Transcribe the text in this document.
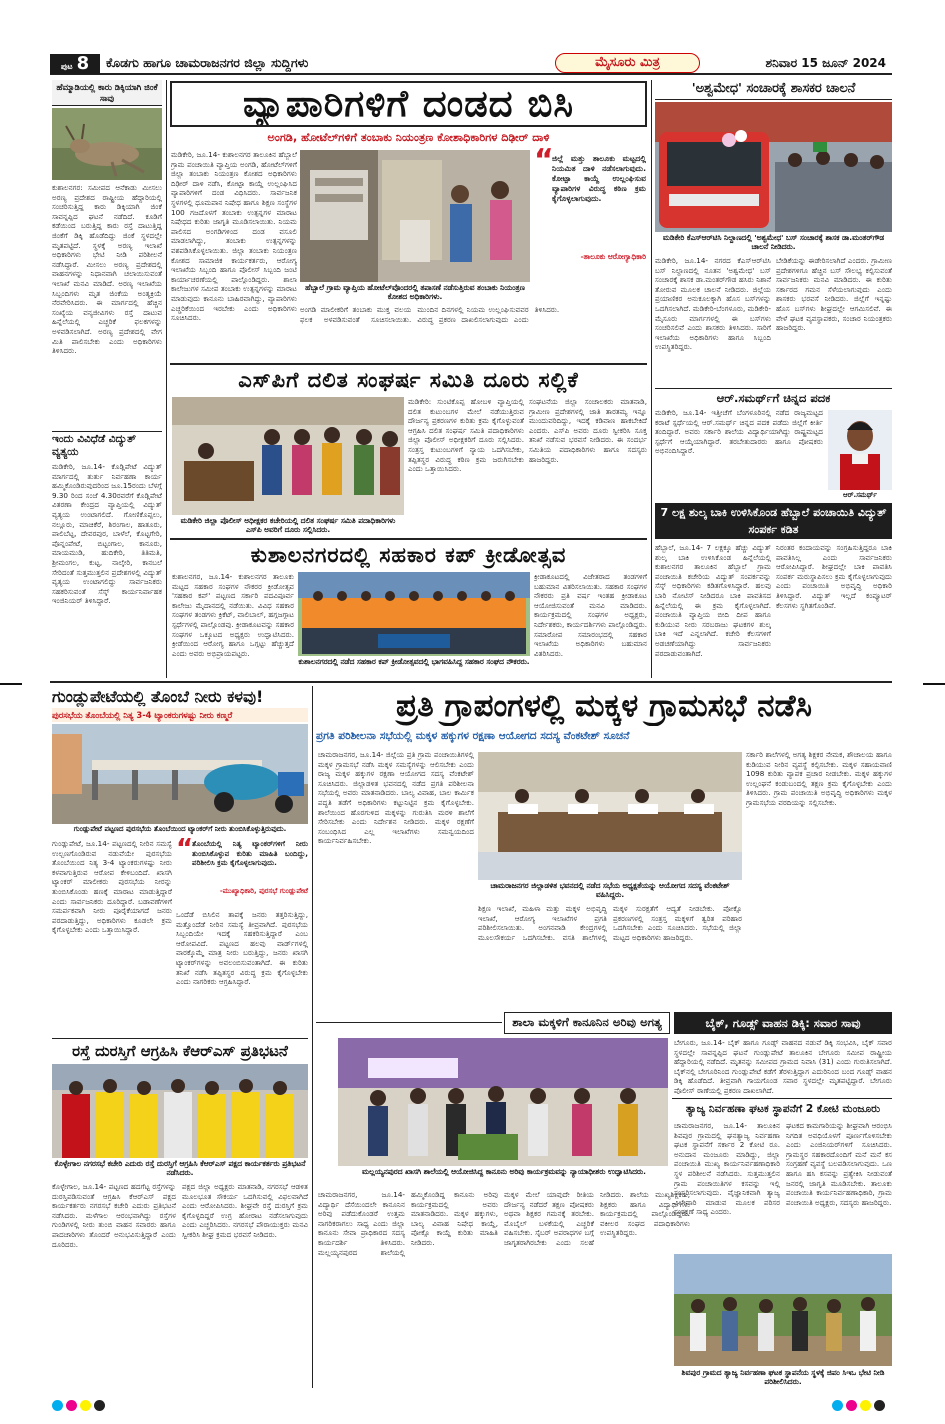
ಪುಟ 8	ಕೊಡಗು ಹಾಗೂ ಚಾಮರಾಜನಗರ ಜಿಲ್ಲಾ ಸುದ್ದಿಗಳು	ಮೈಸೂರು ಮಿತ್ರ	ಶನಿವಾರ 15 ಜೂನ್ 2024
ಹೆಮ್ಮಾಡಿಯಲ್ಲಿ ಕಾರು ಡಿಕ್ಕಿಯಾಗಿ ಜಿಂಕೆ ಸಾವು
ಕುಶಾಲನಗರ: ಸಮೀಪದ ಆನೆಕಾಡು ಮೀಸಲು ಅರಣ್ಯ ಪ್ರದೇಶದ ರಾಷ್ಟ್ರೀಯ ಹೆದ್ದಾರಿಯಲ್ಲಿ ಸಂಚರಿಸುತ್ತಿದ್ದ ಕಾರು ಡಿಕ್ಕಿಯಾಗಿ ಜಿಂಕೆ ಸಾವನ್ನಪ್ಪಿದ ಘಟನೆ ನಡೆದಿದೆ. ಕೂಡಿಗೆ ಕಡೆಯಿಂದ ಬರುತ್ತಿದ್ದ ಕಾರು ರಸ್ತೆ ದಾಟುತ್ತಿದ್ದ ಜಿಂಕೆಗೆ ಡಿಕ್ಕಿ ಹೊಡೆದಿದ್ದು ಜಿಂಕೆ ಸ್ಥಳದಲ್ಲೇ ಮೃತಪಟ್ಟಿದೆ. ಸ್ಥಳಕ್ಕೆ ಅರಣ್ಯ ಇಲಾಖೆ ಅಧಿಕಾರಿಗಳು ಭೇಟಿ ನೀಡಿ ಪರಿಶೀಲನೆ ನಡೆಸಿದ್ದಾರೆ. ಮೀಸಲು ಅರಣ್ಯ ಪ್ರದೇಶದಲ್ಲಿ ವಾಹನಗಳನ್ನು ನಿಧಾನವಾಗಿ ಚಲಾಯಿಸುವಂತೆ ಇಲಾಖೆ ಮನವಿ ಮಾಡಿದೆ. ಅರಣ್ಯ ಇಲಾಖೆಯ ಸಿಬ್ಬಂದಿಗಳು ಮೃತ ಜಿಂಕೆಯ ಅಂತ್ಯಕ್ರಿಯೆ ನೆರವೇರಿಸಿದರು. ಈ ಮಾರ್ಗದಲ್ಲಿ ಹೆಚ್ಚಿನ ಸಂಖ್ಯೆಯ ವನ್ಯಜೀವಿಗಳು ರಸ್ತೆ ದಾಟುವ ಹಿನ್ನೆಲೆಯಲ್ಲಿ ಎಚ್ಚರಿಕೆ ಫಲಕಗಳನ್ನು ಅಳವಡಿಸಲಾಗಿದೆ. ಅರಣ್ಯ ಪ್ರದೇಶದಲ್ಲಿ ವೇಗ ಮಿತಿ ಪಾಲಿಸಬೇಕು ಎಂದು ಅಧಿಕಾರಿಗಳು ತಿಳಿಸಿದರು.
ಇಂದು ವಿವಿಧೆಡೆ ವಿದ್ಯುತ್ ವ್ಯತ್ಯಯ
ಮಡಿಕೇರಿ, ಜೂ.14- ಕೊಡ್ಲಿಪೇಟೆ ವಿದ್ಯುತ್ ಮಾರ್ಗದಲ್ಲಿ ತುರ್ತು ನಿರ್ವಹಣಾ ಕಾರ್ಯ ಹಮ್ಮಿಕೊಂಡಿರುವುದರಿಂದ ಜೂ.15ರಂದು ಬೆಳಗ್ಗೆ 9.30 ರಿಂದ ಸಂಜೆ 4.30ರವರೆಗೆ ಕೊಡ್ಲಿಪೇಟೆ ವಿತರಣಾ ಕೇಂದ್ರದ ವ್ಯಾಪ್ತಿಯಲ್ಲಿ ವಿದ್ಯುತ್ ವ್ಯತ್ಯಯ ಉಂಟಾಗಲಿದೆ. ಗೋಣಿಕೊಪ್ಪಲು, ನಲ್ಲೂರು, ಮಾಚಿಕೆರೆ, ಶಿರಂಗಾಲ, ಹಾತೂರು, ಪಾಲಿಬೆಟ್ಟ, ದೇವರಪುರ, ಬಾಳೆಲೆ, ಕೊಟ್ಟಗೇರಿ, ಪೊನ್ನಂಪೇಟೆ, ಬಿಟ್ಟಂಗಾಲ, ಕಾನೂರು, ಮಾಯಮುಡಿ, ಹುದಿಕೇರಿ, ತಿತಿಮತಿ, ಶ್ರೀಮಂಗಲ, ಕುಟ್ಟ, ನಾಲ್ಕೇರಿ, ಕಾನಬಲೆ ಸೇರಿದಂತೆ ಸುತ್ತಮುತ್ತಲಿನ ಪ್ರದೇಶಗಳಲ್ಲಿ ವಿದ್ಯುತ್ ವ್ಯತ್ಯಯ ಉಂಟಾಗಲಿದ್ದು ಸಾರ್ವಜನಿಕರು ಸಹಕರಿಸುವಂತೆ ಸೆಸ್ಕ್ ಕಾರ್ಯನಿರ್ವಾಹಕ ಇಂಜಿನಿಯರ್ ತಿಳಿಸಿದ್ದಾರೆ.
ವ್ಯಾಪಾರಿಗಳಿಗೆ ದಂಡದ ಬಿಸಿ
ಅಂಗಡಿ, ಹೋಟೆಲ್‌ಗಳಿಗೆ ತಂಬಾಕು ನಿಯಂತ್ರಣ ಕೋಶಾಧಿಕಾರಿಗಳ ದಿಢೀರ್ ದಾಳಿ
ಮಡಿಕೇರಿ, ಜೂ.14- ಕುಶಾಲನಗರ ತಾಲೂಕಿನ ಹೆಬ್ಬಾಲೆ ಗ್ರಾಮ ಪಂಚಾಯಿತಿ ವ್ಯಾಪ್ತಿಯ ಅಂಗಡಿ, ಹೋಟೆಲ್‌ಗಳಿಗೆ ಜಿಲ್ಲಾ ತಂಬಾಕು ನಿಯಂತ್ರಣ ಕೋಶದ ಅಧಿಕಾರಿಗಳು ದಿಢೀರ್ ದಾಳಿ ನಡೆಸಿ, ಕೋಟ್ಪಾ ಕಾಯ್ದೆ ಉಲ್ಲಂಘಿಸಿದ ವ್ಯಾಪಾರಿಗಳಿಗೆ ದಂಡ ವಿಧಿಸಿದರು. ಸಾರ್ವಜನಿಕ ಸ್ಥಳಗಳಲ್ಲಿ ಧೂಮಪಾನ ನಿಷೇಧ ಹಾಗೂ ಶಿಕ್ಷಣ ಸಂಸ್ಥೆಗಳ 100 ಗಜದೊಳಗೆ ತಂಬಾಕು ಉತ್ಪನ್ನಗಳ ಮಾರಾಟ ನಿಷೇಧದ ಕುರಿತು ಜಾಗೃತಿ ಮೂಡಿಸಲಾಯಿತು. ನಿಯಮ ಪಾಲಿಸದ ಅಂಗಡಿಗಳಿಂದ ದಂಡ ವಸೂಲಿ ಮಾಡಲಾಗಿದ್ದು, ತಂಬಾಕು ಉತ್ಪನ್ನಗಳನ್ನು ವಶಪಡಿಸಿಕೊಳ್ಳಲಾಯಿತು. ಜಿಲ್ಲಾ ತಂಬಾಕು ನಿಯಂತ್ರಣ ಕೋಶದ ಸಾಮಾಜಿಕ ಕಾರ್ಯಕರ್ತರು, ಆರೋಗ್ಯ ಇಲಾಖೆಯ ಸಿಬ್ಬಂದಿ ಹಾಗೂ ಪೊಲೀಸ್ ಸಿಬ್ಬಂದಿ ಜಂಟಿ ಕಾರ್ಯಾಚರಣೆಯಲ್ಲಿ ಪಾಲ್ಗೊಂಡಿದ್ದರು. ಶಾಲಾ ಕಾಲೇಜುಗಳ ಸಮೀಪ ತಂಬಾಕು ಉತ್ಪನ್ನಗಳನ್ನು ಮಾರಾಟ ಮಾಡುವುದು ಕಾನೂನು ಬಾಹಿರವಾಗಿದ್ದು, ವ್ಯಾಪಾರಿಗಳು ಎಚ್ಚರಿಕೆಯಿಂದ ಇರಬೇಕು ಎಂದು ಅಧಿಕಾರಿಗಳು ಸೂಚಿಸಿದರು.
ಹೆಬ್ಬಾಲೆ ಗ್ರಾಮ ವ್ಯಾಪ್ತಿಯ ಹೋಟೆಲ್‌ವೊಂದರಲ್ಲಿ ತಪಾಸಣೆ ನಡೆಸುತ್ತಿರುವ ತಂಬಾಕು ನಿಯಂತ್ರಣ ಕೋಶದ ಅಧಿಕಾರಿಗಳು.
“
ಜಿಲ್ಲೆ ಮತ್ತು ತಾಲೂಕು ಮಟ್ಟದಲ್ಲಿ ನಿಯಮಿತ ದಾಳಿ ನಡೆಸಲಾಗುವುದು. ಕೋಟ್ಪಾ ಕಾಯ್ದೆ ಉಲ್ಲಂಘಿಸುವ ವ್ಯಾಪಾರಿಗಳ ವಿರುದ್ಧ ಕಠಿಣ ಕ್ರಮ ಕೈಗೊಳ್ಳಲಾಗುವುದು.
-ತಾಲೂಕು ಆರೋಗ್ಯಾಧಿಕಾರಿ
ಅಂಗಡಿ ಮಾಲೀಕರಿಗೆ ತಂಬಾಕು ಮುಕ್ತ ವಲಯ ಫಲಕ ಅಳವಡಿಸುವಂತೆ ಸೂಚಿಸಲಾಯಿತು. ಮುಂದಿನ ದಿನಗಳಲ್ಲಿ ನಿಯಮ ಉಲ್ಲಂಘಿಸುವವರ ವಿರುದ್ಧ ಪ್ರಕರಣ ದಾಖಲಿಸಲಾಗುವುದು ಎಂದು ತಿಳಿಸಿದರು.
'ಅಶ್ವಮೇಧ' ಸಂಚಾರಕ್ಕೆ ಶಾಸಕರ ಚಾಲನೆ
ಮಡಿಕೇರಿ ಕೆಎಸ್‌ಆರ್‌ಟಿಸಿ ನಿಲ್ದಾಣದಲ್ಲಿ 'ಅಶ್ವಮೇಧ' ಬಸ್ ಸಂಚಾರಕ್ಕೆ ಶಾಸಕ ಡಾ.ಮಂತರ್‌ಗೌಡ ಚಾಲನೆ ನೀಡಿದರು.
ಮಡಿಕೇರಿ, ಜೂ.14- ನಗರದ ಕೆಎಸ್‌ಆರ್‌ಟಿಸಿ ಬಸ್ ನಿಲ್ದಾಣದಲ್ಲಿ ನೂತನ 'ಅಶ್ವಮೇಧ' ಬಸ್ ಸಂಚಾರಕ್ಕೆ ಶಾಸಕ ಡಾ.ಮಂತರ್‌ಗೌಡ ಹಸಿರು ನಿಶಾನೆ ತೋರುವ ಮೂಲಕ ಚಾಲನೆ ನೀಡಿದರು. ಜಿಲ್ಲೆಯ ಪ್ರಯಾಣಿಕರ ಅನುಕೂಲಕ್ಕಾಗಿ ಹೊಸ ಬಸ್‌ಗಳನ್ನು ಒದಗಿಸಲಾಗಿದೆ. ಮಡಿಕೇರಿ-ಬೆಂಗಳೂರು, ಮಡಿಕೇರಿ-ಮೈಸೂರು ಮಾರ್ಗಗಳಲ್ಲಿ ಈ ಬಸ್‌ಗಳು ಸಂಚರಿಸಲಿವೆ ಎಂದು ಶಾಸಕರು ತಿಳಿಸಿದರು. ಸಾರಿಗೆ ಇಲಾಖೆಯ ಅಧಿಕಾರಿಗಳು ಹಾಗೂ ಸಿಬ್ಬಂದಿ ಉಪಸ್ಥಿತರಿದ್ದರು.
ಬೇಡಿಕೆಯನ್ನು ಈಡೇರಿಸಲಾಗಿದೆ ಎಂದರು. ಗ್ರಾಮೀಣ ಪ್ರದೇಶಗಳಿಗೂ ಹೆಚ್ಚಿನ ಬಸ್ ಸೌಲಭ್ಯ ಕಲ್ಪಿಸುವಂತೆ ಸಾರ್ವಜನಿಕರು ಮನವಿ ಮಾಡಿದರು. ಈ ಕುರಿತು ಸರ್ಕಾರದ ಗಮನ ಸೆಳೆಯಲಾಗುವುದು ಎಂದು ಶಾಸಕರು ಭರವಸೆ ನೀಡಿದರು. ಜಿಲ್ಲೆಗೆ ಇನ್ನಷ್ಟು ಹೊಸ ಬಸ್‌ಗಳು ಶೀಘ್ರದಲ್ಲೇ ಆಗಮಿಸಲಿವೆ. ಈ ವೇಳೆ ಘಟಕ ವ್ಯವಸ್ಥಾಪಕರು, ಸಂಚಾರ ನಿಯಂತ್ರಕರು ಹಾಜರಿದ್ದರು.
ಆರ್.ಸಮರ್ಥ್‌ಗೆ ಚಿನ್ನದ ಪದಕ
ಮಡಿಕೇರಿ, ಜೂ.14- ಇತ್ತೀಚೆಗೆ ಬೆಂಗಳೂರಿನಲ್ಲಿ ನಡೆದ ರಾಜ್ಯಮಟ್ಟದ ಕರಾಟೆ ಸ್ಪರ್ಧೆಯಲ್ಲಿ ಆರ್.ಸಮರ್ಥ್ ಚಿನ್ನದ ಪದಕ ಪಡೆದು ಜಿಲ್ಲೆಗೆ ಕೀರ್ತಿ ತಂದಿದ್ದಾರೆ. ಅವರು ಸರ್ಕಾರಿ ಶಾಲೆಯ ವಿದ್ಯಾರ್ಥಿಯಾಗಿದ್ದು ರಾಷ್ಟ್ರಮಟ್ಟದ ಸ್ಪರ್ಧೆಗೆ ಆಯ್ಕೆಯಾಗಿದ್ದಾರೆ. ತರಬೇತುದಾರರು ಹಾಗೂ ಪೋಷಕರು ಅಭಿನಂದಿಸಿದ್ದಾರೆ.
ಆರ್.ಸಮರ್ಥ್
7 ಲಕ್ಷ ಶುಲ್ಕ ಬಾಕಿ ಉಳಿಸಿಕೊಂಡ ಹೆಬ್ಬಾಲೆ ಪಂಚಾಯಿತಿ ವಿದ್ಯುತ್ ಸಂಪರ್ಕ ಕಡಿತ
ಹೆಬ್ಬಾಲೆ, ಜೂ.14- 7 ಲಕ್ಷಕ್ಕೂ ಹೆಚ್ಚು ವಿದ್ಯುತ್ ಶುಲ್ಕ ಬಾಕಿ ಉಳಿಸಿಕೊಂಡ ಹಿನ್ನೆಲೆಯಲ್ಲಿ ಕುಶಾಲನಗರ ತಾಲೂಕಿನ ಹೆಬ್ಬಾಲೆ ಗ್ರಾಮ ಪಂಚಾಯಿತಿ ಕಚೇರಿಯ ವಿದ್ಯುತ್ ಸಂಪರ್ಕವನ್ನು ಸೆಸ್ಕ್ ಅಧಿಕಾರಿಗಳು ಕಡಿತಗೊಳಿಸಿದ್ದಾರೆ. ಹಲವು ಬಾರಿ ನೋಟಿಸ್ ನೀಡಿದರೂ ಬಾಕಿ ಪಾವತಿಸದ ಹಿನ್ನೆಲೆಯಲ್ಲಿ ಈ ಕ್ರಮ ಕೈಗೊಳ್ಳಲಾಗಿದೆ. ಪಂಚಾಯಿತಿ ವ್ಯಾಪ್ತಿಯ ಬೀದಿ ದೀಪ ಹಾಗೂ ಕುಡಿಯುವ ನೀರು ಸರಬರಾಜು ಘಟಕಗಳ ಶುಲ್ಕ ಬಾಕಿ ಇದೆ ಎನ್ನಲಾಗಿದೆ. ಕಚೇರಿ ಕೆಲಸಗಳಿಗೆ ಅಡಚಣೆಯಾಗಿದ್ದು ಸಾರ್ವಜನಿಕರು ಪರದಾಡುವಂತಾಗಿದೆ.
ನಿರಂತರ ಕಂದಾಯವನ್ನು ಸಂಗ್ರಹಿಸುತ್ತಿದ್ದರೂ ಬಾಕಿ ಪಾವತಿಸಿಲ್ಲ ಎಂದು ಸಾರ್ವಜನಿಕರು ಆರೋಪಿಸಿದ್ದಾರೆ. ಶೀಘ್ರದಲ್ಲೇ ಬಾಕಿ ಪಾವತಿಸಿ ಸಂಪರ್ಕ ಮರುಸ್ಥಾಪಿಸಲು ಕ್ರಮ ಕೈಗೊಳ್ಳಲಾಗುವುದು ಎಂದು ಪಂಚಾಯಿತಿ ಅಭಿವೃದ್ಧಿ ಅಧಿಕಾರಿ ತಿಳಿಸಿದ್ದಾರೆ. ವಿದ್ಯುತ್ ಇಲ್ಲದೆ ಕಂಪ್ಯೂಟರ್ ಕೆಲಸಗಳು ಸ್ಥಗಿತಗೊಂಡಿವೆ.
ಎಸ್‌ಪಿಗೆ ದಲಿತ ಸಂಘರ್ಷ ಸಮಿತಿ ದೂರು ಸಲ್ಲಿಕೆ
ಮಡಿಕೇರಿ ಜಿಲ್ಲಾ ಪೊಲೀಸ್ ಅಧೀಕ್ಷಕರ ಕಚೇರಿಯಲ್ಲಿ ದಲಿತ ಸಂಘರ್ಷ ಸಮಿತಿ ಪದಾಧಿಕಾರಿಗಳು ಎಸ್‌ಪಿ ಅವರಿಗೆ ದೂರು ಸಲ್ಲಿಸಿದರು.
ಮಡಿಕೇರಿ: ಸುಂಟಿಕೊಪ್ಪ ಹೋಬಳಿ ವ್ಯಾಪ್ತಿಯಲ್ಲಿ ದಲಿತ ಕುಟುಂಬಗಳ ಮೇಲೆ ನಡೆಯುತ್ತಿರುವ ದೌರ್ಜನ್ಯ ಪ್ರಕರಣಗಳ ಕುರಿತು ಕ್ರಮ ಕೈಗೊಳ್ಳುವಂತೆ ಆಗ್ರಹಿಸಿ ದಲಿತ ಸಂಘರ್ಷ ಸಮಿತಿ ಪದಾಧಿಕಾರಿಗಳು ಜಿಲ್ಲಾ ಪೊಲೀಸ್ ಅಧೀಕ್ಷಕರಿಗೆ ದೂರು ಸಲ್ಲಿಸಿದರು. ಸಂತ್ರಸ್ತ ಕುಟುಂಬಗಳಿಗೆ ನ್ಯಾಯ ಒದಗಿಸಬೇಕು, ತಪ್ಪಿತಸ್ಥರ ವಿರುದ್ಧ ಕಠಿಣ ಕ್ರಮ ಜರುಗಿಸಬೇಕು ಎಂದು ಒತ್ತಾಯಿಸಿದರು.
ಸಂಘಟನೆಯ ಜಿಲ್ಲಾ ಸಂಚಾಲಕರು ಮಾತನಾಡಿ, ಗ್ರಾಮೀಣ ಪ್ರದೇಶಗಳಲ್ಲಿ ಜಾತಿ ತಾರತಮ್ಯ ಇನ್ನೂ ಮುಂದುವರಿದಿದ್ದು, ಇದಕ್ಕೆ ಕಡಿವಾಣ ಹಾಕಬೇಕಿದೆ ಎಂದರು. ಎಸ್‌ಪಿ ಅವರು ದೂರು ಸ್ವೀಕರಿಸಿ ಸೂಕ್ತ ತನಿಖೆ ನಡೆಸುವ ಭರವಸೆ ನೀಡಿದರು. ಈ ಸಂದರ್ಭ ಸಮಿತಿಯ ಪದಾಧಿಕಾರಿಗಳು ಹಾಗೂ ಸದಸ್ಯರು ಹಾಜರಿದ್ದರು.
ಕುಶಾಲನಗರದಲ್ಲಿ ಸಹಕಾರ ಕಪ್ ಕ್ರೀಡೋತ್ಸವ
ಕುಶಾಲನಗರ, ಜೂ.14- ಕುಶಾಲನಗರ ತಾಲೂಕು ಮಟ್ಟದ ಸಹಕಾರ ಸಂಘಗಳ ನೌಕರರ ಕ್ರೀಡೋತ್ಸವ 'ಸಹಕಾರ ಕಪ್' ಪಟ್ಟಣದ ಸರ್ಕಾರಿ ಪದವಿಪೂರ್ವ ಕಾಲೇಜು ಮೈದಾನದಲ್ಲಿ ನಡೆಯಿತು. ವಿವಿಧ ಸಹಕಾರ ಸಂಘಗಳ ತಂಡಗಳು ಕ್ರಿಕೆಟ್, ವಾಲಿಬಾಲ್, ಹಗ್ಗಜಗ್ಗಾಟ ಸ್ಪರ್ಧೆಗಳಲ್ಲಿ ಪಾಲ್ಗೊಂಡವು. ಕ್ರೀಡಾಕೂಟವನ್ನು ಸಹಕಾರ ಸಂಘಗಳ ಒಕ್ಕೂಟದ ಅಧ್ಯಕ್ಷರು ಉದ್ಘಾಟಿಸಿದರು. ಕ್ರೀಡೆಯಿಂದ ಆರೋಗ್ಯ ಹಾಗೂ ಒಗ್ಗಟ್ಟು ಹೆಚ್ಚುತ್ತದೆ ಎಂದು ಅವರು ಅಭಿಪ್ರಾಯಪಟ್ಟರು.
ಕುಶಾಲನಗರದಲ್ಲಿ ನಡೆದ ಸಹಕಾರ ಕಪ್ ಕ್ರೀಡೋತ್ಸವದಲ್ಲಿ ಭಾಗವಹಿಸಿದ್ದ ಸಹಕಾರ ಸಂಘದ ನೌಕರರು.
ಕ್ರೀಡಾಕೂಟದಲ್ಲಿ ವಿಜೇತರಾದ ತಂಡಗಳಿಗೆ ಬಹುಮಾನ ವಿತರಿಸಲಾಯಿತು. ಸಹಕಾರ ಸಂಘಗಳ ನೌಕರರು ಪ್ರತಿ ವರ್ಷ ಇಂತಹ ಕ್ರೀಡಾಕೂಟ ಆಯೋಜಿಸುವಂತೆ ಮನವಿ ಮಾಡಿದರು. ಕಾರ್ಯಕ್ರಮದಲ್ಲಿ ಸಂಘಗಳ ಅಧ್ಯಕ್ಷರು, ನಿರ್ದೇಶಕರು, ಕಾರ್ಯದರ್ಶಿಗಳು ಪಾಲ್ಗೊಂಡಿದ್ದರು. ಸಮಾರೋಪ ಸಮಾರಂಭದಲ್ಲಿ ಸಹಕಾರ ಇಲಾಖೆಯ ಅಧಿಕಾರಿಗಳು ಬಹುಮಾನ ವಿತರಿಸಿದರು.
ಗುಂಡ್ಲುಪೇಟೆಯಲ್ಲಿ ತೊಂಬೆ ನೀರು ಕಳವು!
ಪುರಸಭೆಯ ತೊಂಬೆಯಲ್ಲಿ ನಿತ್ಯ 3-4 ಟ್ಯಾಂಕರುಗಳಷ್ಟು ನೀರು ಕಣ್ಮರೆ
ಗುಂಡ್ಲುಪೇಟೆ ಪಟ್ಟಣದ ಪುರಸಭೆಯ ತೊಂಬೆಯಿಂದ ಟ್ಯಾಂಕರ್‌ಗೆ ನೀರು ತುಂಬಿಸಿಕೊಳ್ಳುತ್ತಿರುವುದು.
ಗುಂಡ್ಲುಪೇಟೆ, ಜೂ.14- ಪಟ್ಟಣದಲ್ಲಿ ನೀರಿನ ಸಮಸ್ಯೆ ಉಲ್ಬಣಗೊಂಡಿರುವ ನಡುವೆಯೇ ಪುರಸಭೆಯ ತೊಂಬೆಯಿಂದ ನಿತ್ಯ 3-4 ಟ್ಯಾಂಕರುಗಳಷ್ಟು ನೀರು ಕಳವಾಗುತ್ತಿರುವ ಆರೋಪ ಕೇಳಿಬಂದಿದೆ. ಖಾಸಗಿ ಟ್ಯಾಂಕರ್ ಮಾಲೀಕರು ಪುರಸಭೆಯ ನೀರನ್ನು ತುಂಬಿಸಿಕೊಂಡು ಹಣಕ್ಕೆ ಮಾರಾಟ ಮಾಡುತ್ತಿದ್ದಾರೆ ಎಂದು ಸಾರ್ವಜನಿಕರು ದೂರಿದ್ದಾರೆ. ಬಡಾವಣೆಗಳಿಗೆ ಸಮರ್ಪಕವಾಗಿ ನೀರು ಪೂರೈಕೆಯಾಗದೆ ಜನರು ಪರದಾಡುತ್ತಿದ್ದು, ಅಧಿಕಾರಿಗಳು ಕೂಡಲೇ ಕ್ರಮ ಕೈಗೊಳ್ಳಬೇಕು ಎಂದು ಒತ್ತಾಯಿಸಿದ್ದಾರೆ.
“
ತೊಂಬೆಯಲ್ಲಿ ನಿತ್ಯ ಟ್ಯಾಂಕರ್‌ಗಳಿಗೆ ನೀರು ತುಂಬಿಸಿಕೊಳ್ಳುವ ಕುರಿತು ಮಾಹಿತಿ ಬಂದಿದ್ದು, ಪರಿಶೀಲಿಸಿ ಕ್ರಮ ಕೈಗೊಳ್ಳಲಾಗುವುದು.
-ಮುಖ್ಯಾಧಿಕಾರಿ, ಪುರಸಭೆ ಗುಂಡ್ಲುಪೇಟೆ
ಒಂದೆಡೆ ಬಿಸಿಲಿನ ತಾಪಕ್ಕೆ ಜನರು ತತ್ತರಿಸುತ್ತಿದ್ದು, ಮತ್ತೊಂದೆಡೆ ನೀರಿನ ಸಮಸ್ಯೆ ತೀವ್ರವಾಗಿದೆ. ಪುರಸಭೆಯ ಸಿಬ್ಬಂದಿಯೇ ಇದಕ್ಕೆ ಸಹಕರಿಸುತ್ತಿದ್ದಾರೆ ಎಂಬ ಆರೋಪವಿದೆ. ಪಟ್ಟಣದ ಹಲವು ವಾರ್ಡ್‌ಗಳಲ್ಲಿ ವಾರಕ್ಕೊಮ್ಮೆ ಮಾತ್ರ ನೀರು ಬರುತ್ತಿದ್ದು, ಜನರು ಖಾಸಗಿ ಟ್ಯಾಂಕರ್‌ಗಳನ್ನು ಅವಲಂಬಿಸುವಂತಾಗಿದೆ. ಈ ಕುರಿತು ತನಿಖೆ ನಡೆಸಿ ತಪ್ಪಿತಸ್ಥರ ವಿರುದ್ಧ ಕ್ರಮ ಕೈಗೊಳ್ಳಬೇಕು ಎಂದು ನಾಗರಿಕರು ಆಗ್ರಹಿಸಿದ್ದಾರೆ.
ರಸ್ತೆ ದುರಸ್ತಿಗೆ ಆಗ್ರಹಿಸಿ ಕೆಆರ್‌ಎಸ್ ಪ್ರತಿಭಟನೆ
ಕೊಳ್ಳೇಗಾಲ ನಗರಸಭೆ ಕಚೇರಿ ಎದುರು ರಸ್ತೆ ದುರಸ್ತಿಗೆ ಆಗ್ರಹಿಸಿ ಕೆಆರ್‌ಎಸ್ ಪಕ್ಷದ ಕಾರ್ಯಕರ್ತರು ಪ್ರತಿಭಟನೆ ನಡೆಸಿದರು.
ಕೊಳ್ಳೇಗಾಲ, ಜೂ.14- ಪಟ್ಟಣದ ಹದಗೆಟ್ಟ ರಸ್ತೆಗಳನ್ನು ದುರಸ್ತಿಪಡಿಸುವಂತೆ ಆಗ್ರಹಿಸಿ ಕೆಆರ್‌ಎಸ್ ಪಕ್ಷದ ಕಾರ್ಯಕರ್ತರು ನಗರಸಭೆ ಕಚೇರಿ ಎದುರು ಪ್ರತಿಭಟನೆ ನಡೆಸಿದರು. ಮಳೆಗಾಲ ಆರಂಭವಾಗಿದ್ದು ರಸ್ತೆಗಳ ಗುಂಡಿಗಳಲ್ಲಿ ನೀರು ತುಂಬಿ ವಾಹನ ಸವಾರರು ಹಾಗೂ ಪಾದಚಾರಿಗಳು ತೊಂದರೆ ಅನುಭವಿಸುತ್ತಿದ್ದಾರೆ ಎಂದು ದೂರಿದರು.
ಪಕ್ಷದ ಜಿಲ್ಲಾ ಅಧ್ಯಕ್ಷರು ಮಾತನಾಡಿ, ನಗರಸಭೆ ಆಡಳಿತ ಮೂಲಭೂತ ಸೌಕರ್ಯ ಒದಗಿಸುವಲ್ಲಿ ವಿಫಲವಾಗಿದೆ ಎಂದು ಆರೋಪಿಸಿದರು. ಶೀಘ್ರವೇ ರಸ್ತೆ ದುರಸ್ತಿಗೆ ಕ್ರಮ ಕೈಗೊಳ್ಳದಿದ್ದರೆ ಉಗ್ರ ಹೋರಾಟ ನಡೆಸಲಾಗುವುದು ಎಂದು ಎಚ್ಚರಿಸಿದರು. ನಗರಸಭೆ ಪೌರಾಯುಕ್ತರು ಮನವಿ ಸ್ವೀಕರಿಸಿ ಶೀಘ್ರ ಕ್ರಮದ ಭರವಸೆ ನೀಡಿದರು.
ಪ್ರತಿ ಗ್ರಾಪಂಗಳಲ್ಲಿ ಮಕ್ಕಳ ಗ್ರಾಮಸಭೆ ನಡೆಸಿ
ಪ್ರಗತಿ ಪರಿಶೀಲನಾ ಸಭೆಯಲ್ಲಿ ಮಕ್ಕಳ ಹಕ್ಕುಗಳ ರಕ್ಷಣಾ ಆಯೋಗದ ಸದಸ್ಯ ವೆಂಕಟೇಶ್ ಸೂಚನೆ
ಚಾಮರಾಜನಗರ, ಜೂ.14- ಜಿಲ್ಲೆಯ ಪ್ರತಿ ಗ್ರಾಮ ಪಂಚಾಯಿತಿಗಳಲ್ಲಿ ಮಕ್ಕಳ ಗ್ರಾಮಸಭೆ ನಡೆಸಿ ಮಕ್ಕಳ ಸಮಸ್ಯೆಗಳನ್ನು ಆಲಿಸಬೇಕು ಎಂದು ರಾಜ್ಯ ಮಕ್ಕಳ ಹಕ್ಕುಗಳ ರಕ್ಷಣಾ ಆಯೋಗದ ಸದಸ್ಯ ವೆಂಕಟೇಶ್ ಸೂಚಿಸಿದರು. ಜಿಲ್ಲಾಡಳಿತ ಭವನದಲ್ಲಿ ನಡೆದ ಪ್ರಗತಿ ಪರಿಶೀಲನಾ ಸಭೆಯಲ್ಲಿ ಅವರು ಮಾತನಾಡಿದರು. ಬಾಲ್ಯ ವಿವಾಹ, ಬಾಲ ಕಾರ್ಮಿಕ ಪದ್ಧತಿ ತಡೆಗೆ ಅಧಿಕಾರಿಗಳು ಕಟ್ಟುನಿಟ್ಟಿನ ಕ್ರಮ ಕೈಗೊಳ್ಳಬೇಕು. ಶಾಲೆಯಿಂದ ಹೊರಗುಳಿದ ಮಕ್ಕಳನ್ನು ಗುರುತಿಸಿ ಮರಳಿ ಶಾಲೆಗೆ ಸೇರಿಸಬೇಕು ಎಂದು ನಿರ್ದೇಶನ ನೀಡಿದರು. ಮಕ್ಕಳ ರಕ್ಷಣೆಗೆ ಸಂಬಂಧಿಸಿದ ಎಲ್ಲ ಇಲಾಖೆಗಳು ಸಮನ್ವಯದಿಂದ ಕಾರ್ಯನಿರ್ವಹಿಸಬೇಕು.
ಚಾಮರಾಜನಗರ ಜಿಲ್ಲಾಡಳಿತ ಭವನದಲ್ಲಿ ನಡೆದ ಸಭೆಯ ಅಧ್ಯಕ್ಷತೆಯನ್ನು ಆಯೋಗದ ಸದಸ್ಯ ವೆಂಕಟೇಶ್ ವಹಿಸಿದ್ದರು.
ಶಿಕ್ಷಣ ಇಲಾಖೆ, ಮಹಿಳಾ ಮತ್ತು ಮಕ್ಕಳ ಅಭಿವೃದ್ಧಿ ಇಲಾಖೆ, ಆರೋಗ್ಯ ಇಲಾಖೆಗಳ ಪ್ರಗತಿ ಪರಿಶೀಲಿಸಲಾಯಿತು. ಅಂಗನವಾಡಿ ಕೇಂದ್ರಗಳಲ್ಲಿ ಮೂಲಸೌಕರ್ಯ ಒದಗಿಸಬೇಕು. ವಸತಿ ಶಾಲೆಗಳಲ್ಲಿ ಮಕ್ಕಳ ಸುರಕ್ಷತೆಗೆ ಆದ್ಯತೆ ನೀಡಬೇಕು. ಪೋಕ್ಸೊ ಪ್ರಕರಣಗಳಲ್ಲಿ ಸಂತ್ರಸ್ತ ಮಕ್ಕಳಿಗೆ ತ್ವರಿತ ಪರಿಹಾರ ಒದಗಿಸಬೇಕು ಎಂದು ಸೂಚಿಸಿದರು. ಸಭೆಯಲ್ಲಿ ಜಿಲ್ಲಾ ಮಟ್ಟದ ಅಧಿಕಾರಿಗಳು ಹಾಜರಿದ್ದರು.
ಸರ್ಕಾರಿ ಶಾಲೆಗಳಲ್ಲಿ ಅಗತ್ಯ ಶಿಕ್ಷಕರ ನೇಮಕ, ಶೌಚಾಲಯ ಹಾಗೂ ಕುಡಿಯುವ ನೀರಿನ ವ್ಯವಸ್ಥೆ ಕಲ್ಪಿಸಬೇಕು. ಮಕ್ಕಳ ಸಹಾಯವಾಣಿ 1098 ಕುರಿತು ವ್ಯಾಪಕ ಪ್ರಚಾರ ನೀಡಬೇಕು. ಮಕ್ಕಳ ಹಕ್ಕುಗಳ ಉಲ್ಲಂಘನೆ ಕಂಡುಬಂದಲ್ಲಿ ತಕ್ಷಣ ಕ್ರಮ ಕೈಗೊಳ್ಳಬೇಕು ಎಂದು ತಿಳಿಸಿದರು. ಗ್ರಾಮ ಪಂಚಾಯಿತಿ ಅಭಿವೃದ್ಧಿ ಅಧಿಕಾರಿಗಳು ಮಕ್ಕಳ ಗ್ರಾಮಸಭೆಯ ವರದಿಯನ್ನು ಸಲ್ಲಿಸಬೇಕು.
ಶಾಲಾ ಮಕ್ಕಳಿಗೆ ಕಾನೂನಿನ ಅರಿವು ಅಗತ್ಯ
ಮಲ್ಲಯ್ಯನಪುರದ ಖಾಸಗಿ ಶಾಲೆಯಲ್ಲಿ ಆಯೋಜಿಸಿದ್ದ ಕಾನೂನು ಅರಿವು ಕಾರ್ಯಕ್ರಮವನ್ನು ನ್ಯಾಯಾಧೀಶರು ಉದ್ಘಾಟಿಸಿದರು.
ಚಾಮರಾಜನಗರ, ಜೂ.14- ವಿದ್ಯಾರ್ಥಿ ದೆಸೆಯಿಂದಲೇ ಕಾನೂನಿನ ಅರಿವು ಪಡೆದುಕೊಂಡರೆ ಉತ್ತಮ ನಾಗರಿಕರಾಗಲು ಸಾಧ್ಯ ಎಂದು ಜಿಲ್ಲಾ ಕಾನೂನು ಸೇವಾ ಪ್ರಾಧಿಕಾರದ ಸದಸ್ಯ ಕಾರ್ಯದರ್ಶಿ ತಿಳಿಸಿದರು. ಮಲ್ಲಯ್ಯನಪುರದ ಶಾಲೆಯಲ್ಲಿ ಹಮ್ಮಿಕೊಂಡಿದ್ದ ಕಾನೂನು ಅರಿವು ಕಾರ್ಯಕ್ರಮದಲ್ಲಿ ಅವರು ಮಾತನಾಡಿದರು. ಮಕ್ಕಳ ಹಕ್ಕುಗಳು, ಬಾಲ್ಯ ವಿವಾಹ ನಿಷೇಧ ಕಾಯ್ದೆ, ಪೋಕ್ಸೊ ಕಾಯ್ದೆ ಕುರಿತು ಮಾಹಿತಿ ನೀಡಿದರು.
ಮಕ್ಕಳ ಮೇಲೆ ಯಾವುದೇ ರೀತಿಯ ದೌರ್ಜನ್ಯ ನಡೆದರೆ ತಕ್ಷಣ ಪೋಷಕರು ಅಥವಾ ಶಿಕ್ಷಕರ ಗಮನಕ್ಕೆ ತರಬೇಕು. ಮೊಬೈಲ್ ಬಳಕೆಯಲ್ಲಿ ಎಚ್ಚರಿಕೆ ವಹಿಸಬೇಕು. ಸೈಬರ್ ಅಪರಾಧಗಳ ಬಗ್ಗೆ ಜಾಗೃತರಾಗಿರಬೇಕು ಎಂದು ಸಲಹೆ ನೀಡಿದರು. ಶಾಲೆಯ ಮುಖ್ಯಶಿಕ್ಷಕರು, ಶಿಕ್ಷಕರು ಹಾಗೂ ವಿದ್ಯಾರ್ಥಿಗಳು ಕಾರ್ಯಕ್ರಮದಲ್ಲಿ ಪಾಲ್ಗೊಂಡಿದ್ದರು. ವಕೀಲರ ಸಂಘದ ಪದಾಧಿಕಾರಿಗಳು ಉಪಸ್ಥಿತರಿದ್ದರು.
ಬೈಕ್, ಗೂಡ್ಸ್ ವಾಹನ ಡಿಕ್ಕಿ: ಸವಾರ ಸಾವು
ಬೇಗೂರು, ಜೂ.14- ಬೈಕ್ ಹಾಗೂ ಗೂಡ್ಸ್ ವಾಹನದ ನಡುವೆ ಡಿಕ್ಕಿ ಸಂಭವಿಸಿ, ಬೈಕ್ ಸವಾರ ಸ್ಥಳದಲ್ಲೇ ಸಾವನ್ನಪ್ಪಿದ ಘಟನೆ ಗುಂಡ್ಲುಪೇಟೆ ತಾಲೂಕಿನ ಬೇಗೂರು ಸಮೀಪ ರಾಷ್ಟ್ರೀಯ ಹೆದ್ದಾರಿಯಲ್ಲಿ ನಡೆದಿದೆ. ಮೃತನನ್ನು ಸಮೀಪದ ಗ್ರಾಮದ ನಿವಾಸಿ (31) ಎಂದು ಗುರುತಿಸಲಾಗಿದೆ. ಬೈಕ್‌ನಲ್ಲಿ ಬೇಗೂರಿನಿಂದ ಗುಂಡ್ಲುಪೇಟೆ ಕಡೆಗೆ ತೆರಳುತ್ತಿದ್ದಾಗ ಎದುರಿನಿಂದ ಬಂದ ಗೂಡ್ಸ್ ವಾಹನ ಡಿಕ್ಕಿ ಹೊಡೆದಿದೆ. ತೀವ್ರವಾಗಿ ಗಾಯಗೊಂಡ ಸವಾರ ಸ್ಥಳದಲ್ಲೇ ಮೃತಪಟ್ಟಿದ್ದಾರೆ. ಬೇಗೂರು ಪೊಲೀಸ್ ಠಾಣೆಯಲ್ಲಿ ಪ್ರಕರಣ ದಾಖಲಾಗಿದೆ.
ತ್ಯಾಜ್ಯ ನಿರ್ವಹಣಾ ಘಟಕ ಸ್ಥಾಪನೆಗೆ 2 ಕೋಟಿ ಮಂಜೂರು
ಚಾಮರಾಜನಗರ, ಜೂ.14- ತಾಲೂಕಿನ ಶಿವಪುರ ಗ್ರಾಮದಲ್ಲಿ ಘನತ್ಯಾಜ್ಯ ನಿರ್ವಹಣಾ ಘಟಕ ಸ್ಥಾಪನೆಗೆ ಸರ್ಕಾರ 2 ಕೋಟಿ ರೂ. ಅನುದಾನ ಮಂಜೂರು ಮಾಡಿದ್ದು, ಜಿಲ್ಲಾ ಪಂಚಾಯಿತಿ ಮುಖ್ಯ ಕಾರ್ಯನಿರ್ವಹಣಾಧಿಕಾರಿ ಸ್ಥಳ ಪರಿಶೀಲನೆ ನಡೆಸಿದರು. ಸುತ್ತಮುತ್ತಲಿನ ಗ್ರಾಮ ಪಂಚಾಯಿತಿಗಳ ಕಸವನ್ನು ಇಲ್ಲಿ ಸಂಸ್ಕರಿಸಲಾಗುವುದು. ವೈಜ್ಞಾನಿಕವಾಗಿ ತ್ಯಾಜ್ಯ ವಿಲೇವಾರಿ ಮಾಡುವ ಮೂಲಕ ಪರಿಸರ ಸಂರಕ್ಷಣೆ ಸಾಧ್ಯ ಎಂದರು.
ಘಟಕದ ಕಾಮಗಾರಿಯನ್ನು ಶೀಘ್ರವಾಗಿ ಆರಂಭಿಸಿ ನಿಗದಿತ ಅವಧಿಯೊಳಗೆ ಪೂರ್ಣಗೊಳಿಸಬೇಕು ಎಂದು ಎಂಜಿನಿಯರ್‌ಗಳಿಗೆ ಸೂಚಿಸಿದರು. ಗ್ರಾಮಸ್ಥರ ಸಹಕಾರದೊಂದಿಗೆ ಮನೆ ಮನೆ ಕಸ ಸಂಗ್ರಹಣೆ ವ್ಯವಸ್ಥೆ ಬಲಪಡಿಸಲಾಗುವುದು. ಒಣ ಹಾಗೂ ಹಸಿ ಕಸವನ್ನು ಪ್ರತ್ಯೇಕಿಸಿ ನೀಡುವಂತೆ ಜನರಲ್ಲಿ ಜಾಗೃತಿ ಮೂಡಿಸಬೇಕು. ತಾಲೂಕು ಪಂಚಾಯಿತಿ ಕಾರ್ಯನಿರ್ವಹಣಾಧಿಕಾರಿ, ಗ್ರಾಮ ಪಂಚಾಯಿತಿ ಅಧ್ಯಕ್ಷರು, ಸದಸ್ಯರು ಹಾಜರಿದ್ದರು.
ಶಿವಪುರ ಗ್ರಾಮದ ತ್ಯಾಜ್ಯ ನಿರ್ವಹಣಾ ಘಟಕ ಸ್ಥಾಪನೆಯ ಸ್ಥಳಕ್ಕೆ ಜಿಪಂ ಸಿಇಒ ಭೇಟಿ ನೀಡಿ ಪರಿಶೀಲಿಸಿದರು.
